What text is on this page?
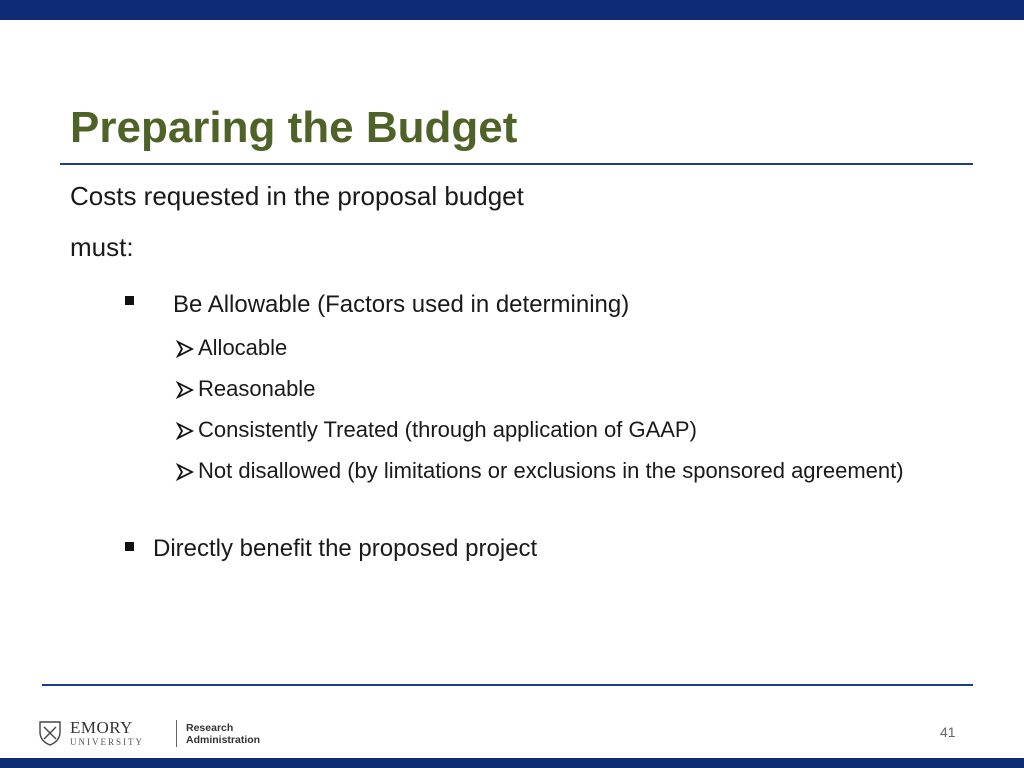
Preparing the Budget
Costs requested in the proposal budget
must:
Be Allowable (Factors used in determining)
Allocable
Reasonable
Consistently Treated (through application of GAAP)
Not disallowed (by limitations or exclusions in the sponsored agreement)
Directly benefit the proposed project
EMORY
UNIVERSITY
Research
Administration	41
